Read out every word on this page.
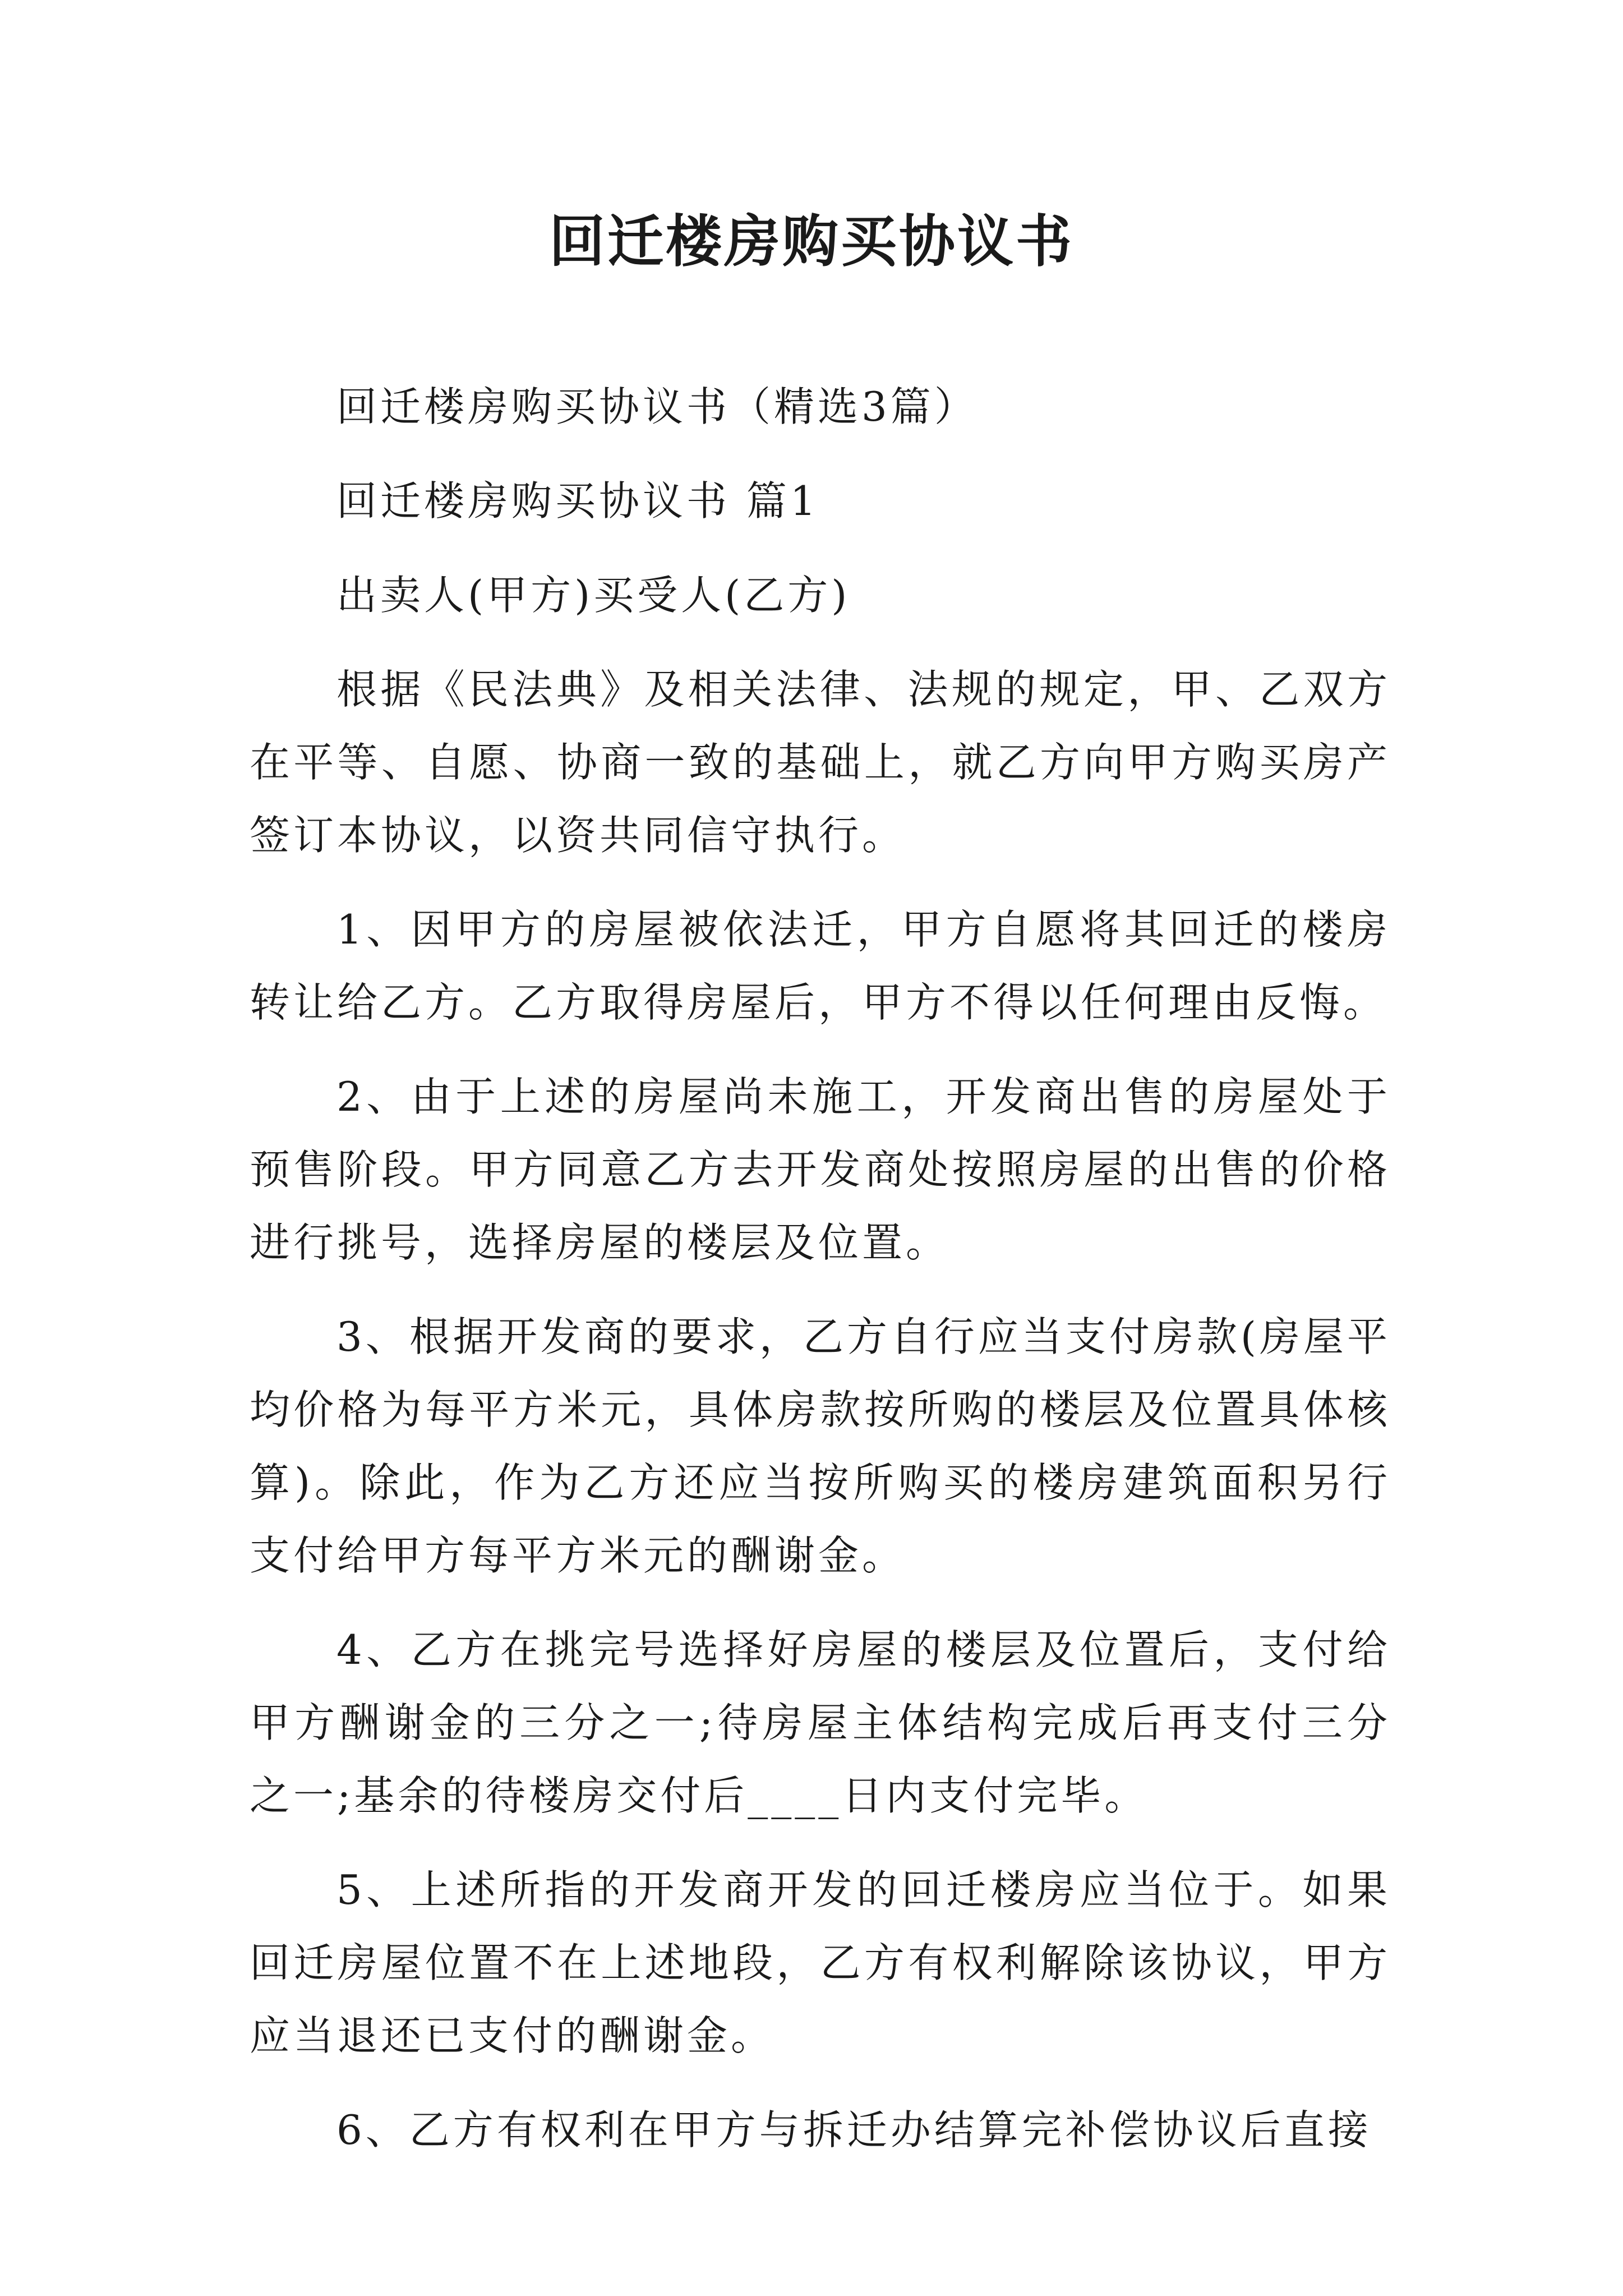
回迁楼房购买协议书

回迁楼房购买协议书（精选3篇）

回迁楼房购买协议书 篇1

出卖人(甲方)买受人(乙方)

根据《民法典》及相关法律、法规的规定，甲、乙双方在平等、自愿、协商一致的基础上，就乙方向甲方购买房产签订本协议，以资共同信守执行。

1、因甲方的房屋被依法迁，甲方自愿将其回迁的楼房转让给乙方。乙方取得房屋后，甲方不得以任何理由反悔。

2、由于上述的房屋尚未施工，开发商出售的房屋处于预售阶段。甲方同意乙方去开发商处按照房屋的出售的价格进行挑号，选择房屋的楼层及位置。

3、根据开发商的要求，乙方自行应当支付房款(房屋平均价格为每平方米元，具体房款按所购的楼层及位置具体核算)。除此，作为乙方还应当按所购买的楼房建筑面积另行支付给甲方每平方米元的酬谢金。

4、乙方在挑完号选择好房屋的楼层及位置后，支付给甲方酬谢金的三分之一;待房屋主体结构完成后再支付三分之一;基余的待楼房交付后____日内支付完毕。

5、上述所指的开发商开发的回迁楼房应当位于。如果回迁房屋位置不在上述地段，乙方有权利解除该协议，甲方应当退还已支付的酬谢金。

6、乙方有权利在甲方与拆迁办结算完补偿协议后直接
